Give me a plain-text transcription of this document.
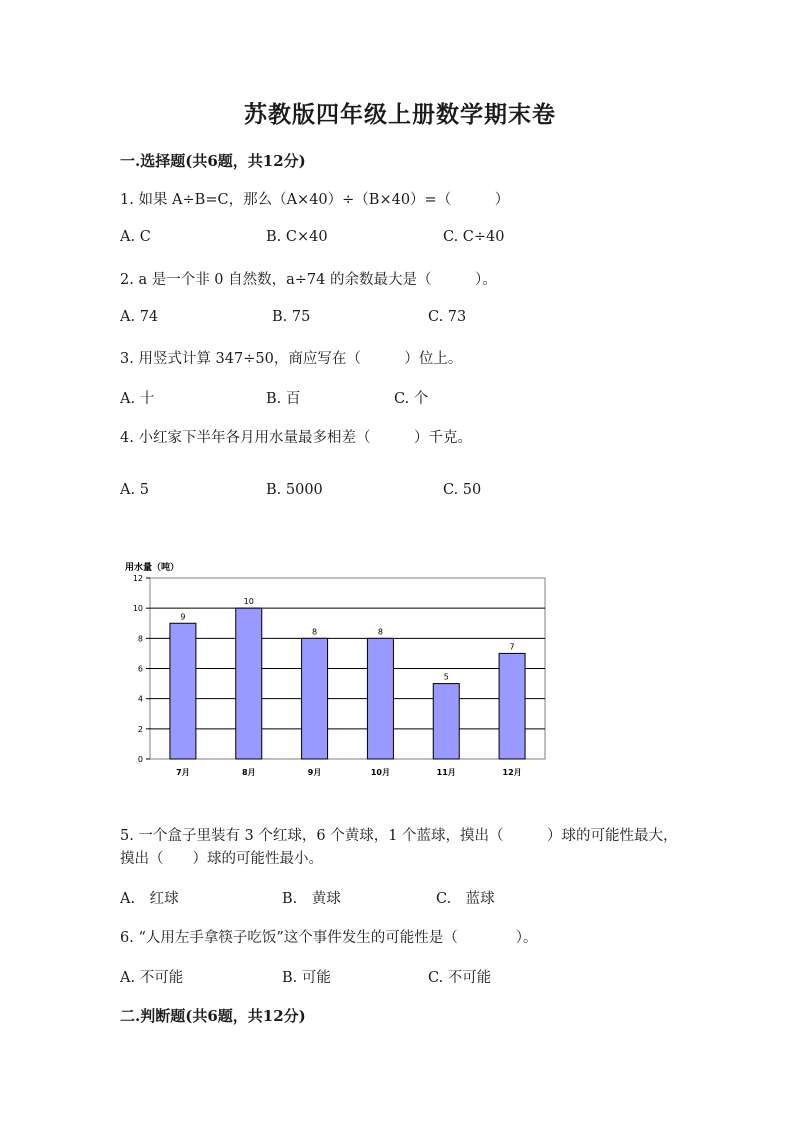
苏教版四年级上册数学期末卷
一.选择题(共6题，共12分)
1. 如果 A÷B=C，那么（A×40）÷（B×40）=（　　　）
A. C	B. C×40	C. C÷40
2. a 是一个非 0 自然数，a÷74 的余数最大是（　　　）。
A. 74	B. 75	C. 73
3. 用竖式计算 347÷50，商应写在（　　　）位上。
A. 十	B. 百	C. 个
4. 小红家下半年各月用水量最多相差（　　　）千克。
A. 5	B. 5000	C. 50
用水量（吨）
0
2
4
6
8
10
12
9
7月
10
8月
8
9月
8
10月
5
11月
7
12月
5. 一个盒子里装有 3 个红球，6 个黄球，1 个蓝球，摸出（　　　）球的可能性最大，摸出（　　）球的可能性最小。
A.　红球	B.　黄球	C.　蓝球
6. “人用左手拿筷子吃饭”这个事件发生的可能性是（　　　　）。
A. 不可能	B. 可能	C. 不可能
二.判断题(共6题，共12分)
